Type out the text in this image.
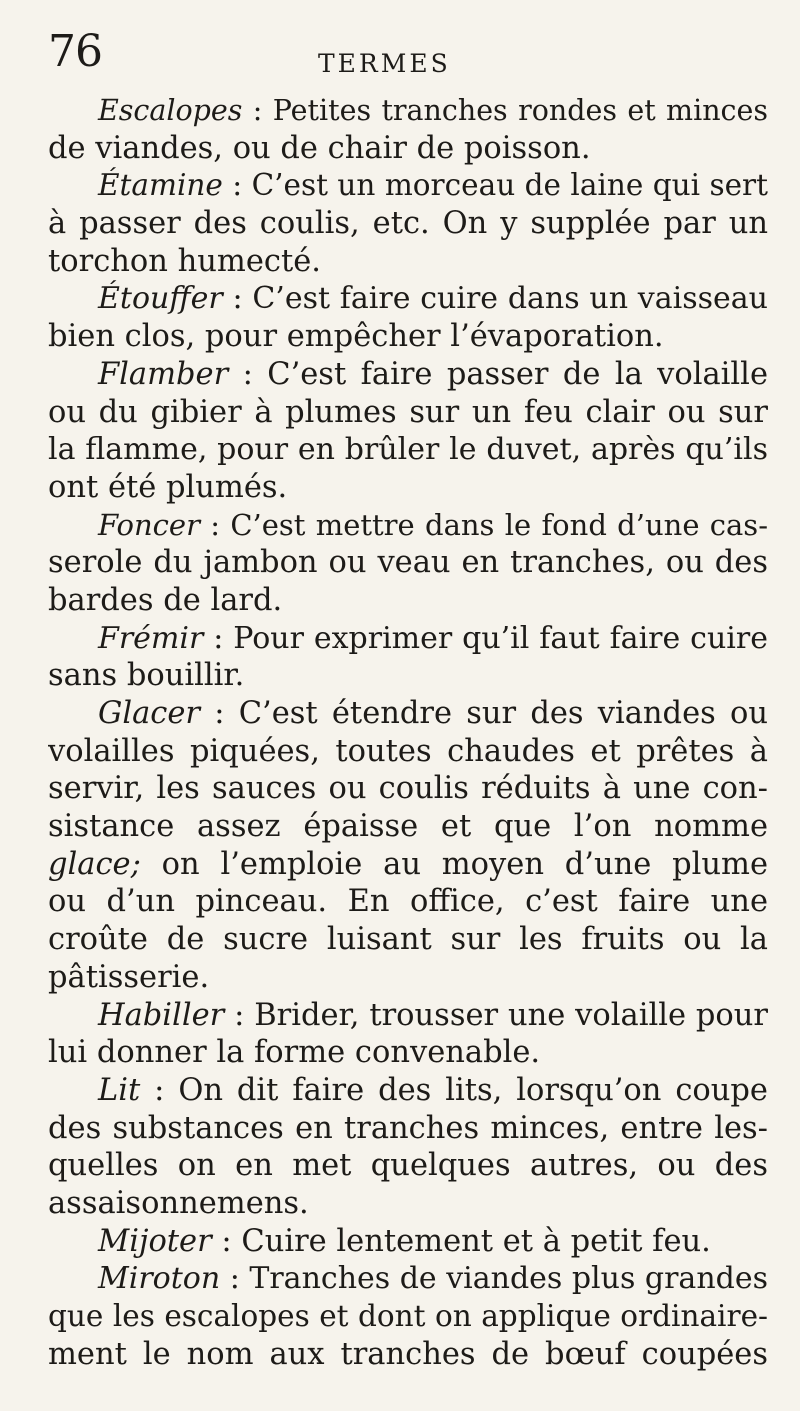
76	TERMES

Escalopes : Petites tranches rondes et minces
de viandes, ou de chair de poisson.

Étamine : C’est un morceau de laine qui sert
à passer des coulis, etc. On y supplée par un
torchon humecté.

Étouffer : C’est faire cuire dans un vaisseau
bien clos, pour empêcher l’évaporation.

Flamber : C’est faire passer de la volaille
ou du gibier à plumes sur un feu clair ou sur
la flamme, pour en brûler le duvet, après qu’ils
ont été plumés.

Foncer : C’est mettre dans le fond d’une cas-
serole du jambon ou veau en tranches, ou des
bardes de lard.

Frémir : Pour exprimer qu’il faut faire cuire
sans bouillir.

Glacer : C’est étendre sur des viandes ou
volailles piquées, toutes chaudes et prêtes à
servir, les sauces ou coulis réduits à une con-
sistance assez épaisse et que l’on nomme
glace; on l’emploie au moyen d’une plume
ou d’un pinceau. En office, c’est faire une
croûte de sucre luisant sur les fruits ou la
pâtisserie.

Habiller : Brider, trousser une volaille pour
lui donner la forme convenable.

Lit : On dit faire des lits, lorsqu’on coupe
des substances en tranches minces, entre les-
quelles on en met quelques autres, ou des
assaisonnemens.

Mijoter : Cuire lentement et à petit feu.

Miroton : Tranches de viandes plus grandes
que les escalopes et dont on applique ordinaire-
ment le nom aux tranches de bœuf coupées
